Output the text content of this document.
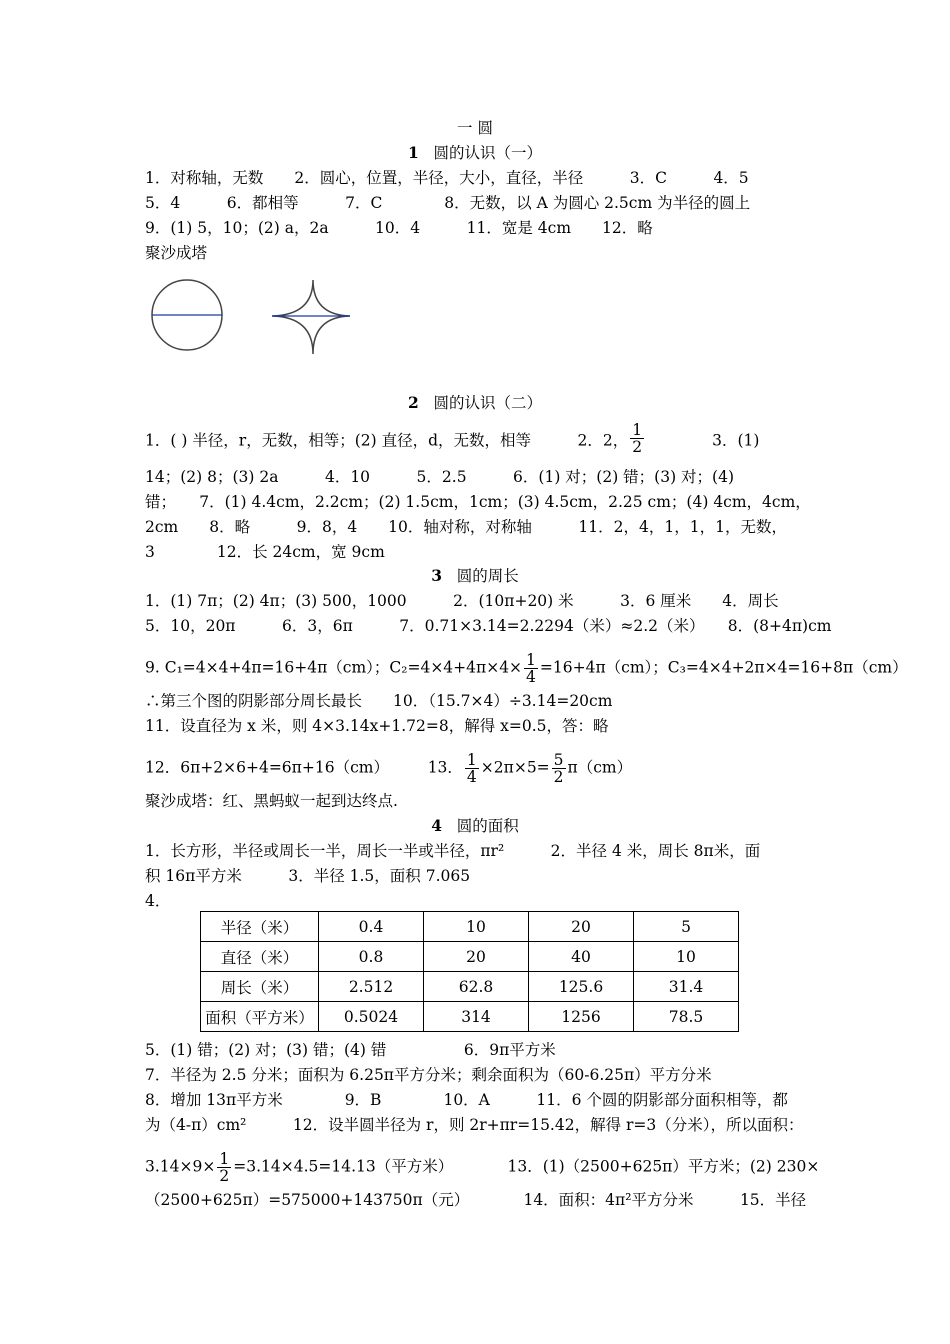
一 圆
1 圆的认识（一）
1．对称轴，无数　　2．圆心，位置，半径，大小，直径，半径　　　3．C　　　4．5
5．4　　　6．都相等　　　7．C　　　　8．无数，以 A 为圆心 2.5cm 为半径的圆上
9．(1) 5，10；(2) a，2a　　　10．4　　　11．宽是 4cm　　12．略
聚沙成塔
2 圆的认识（二）
1．( ) 半径，r，无数，相等；(2) 直径，d，无数，相等　　　2．2， $\frac{1}{2}$	3．(1)
14；(2) 8；(3) 2a　　　4．10　　　5．2.5　　　6．(1) 对；(2) 错；(3) 对；(4)
错；　　7．(1) 4.4cm，2.2cm；(2) 1.5cm，1cm；(3) 4.5cm，2.25 cm；(4) 4cm，4cm，
2cm　　8．略　　　9．8，4　　10．轴对称，对称轴　　　11．2，4，1，1，1，无数，
3　　　　12．长 24cm，宽 9cm
3 圆的周长
1．(1) 7π；(2) 4π；(3) 500，1000　　　2．(10π+20) 米　　　3．6 厘米　　4．周长
5．10，20π　　　6．3，6π　　　7．0.71×3.14=2.2294（米）≈2.2（米）　　8．(8+4π)cm
9. C₁=4×4+4π=16+4π（cm）；$C_2=4\times 4+4\pi\times 4\times \frac{1}{4} =16+4\pi(cm)$；C₃=4×4+2π×4=16+8π（cm）
∴第三个图的阴影部分周长最长　　10．（15.7×4）÷3.14=20cm
11．设直径为 x 米，则 4×3.14x+1.72=8，解得 x=0.5，答：略
12．6π+2×6+4=6π+16（cm）　　　13． $\frac{1}{4} \times 2\pi\times 5= \frac{5}{2} \pi(cm)$
聚沙成塔：红、黑蚂蚁一起到达终点.
4 圆的面积
1．长方形，半径或周长一半，周长一半或半径，πr²　　　2．半径 4 米，周长 8π米，面
积 16π平方米　　　3．半径 1.5，面积 7.065
4．
半径（米）	0.4	10	20	5
直径（米）	0.8	20	40	10
周长（米）	2.512	62.8	125.6	31.4
面积（平方米）	0.5024	314	1256	78.5
5．(1) 错；(2) 对；(3) 错；(4) 错　　　　　6．9π平方米
7．半径为 2.5 分米；面积为 6.25π平方分米；剩余面积为（60-6.25π）平方分米
8．增加 13π平方米　　　　9．B　　　　10．A　　　11．6 个圆的阴影部分面积相等，都
为（4-π）cm²　　　12．设半圆半径为 r，则 2r+πr=15.42，解得 r=3（分米），所以面积：
$3.14\times 9\times \frac{1}{2} =3.14\times 4.5=14.13$（平方米）　　　　13．(1)（2500+625π）平方米；(2) 230×
（2500+625π）=575000+143750π（元）　　　　14．面积：4π²平方分米　　　15．半径
